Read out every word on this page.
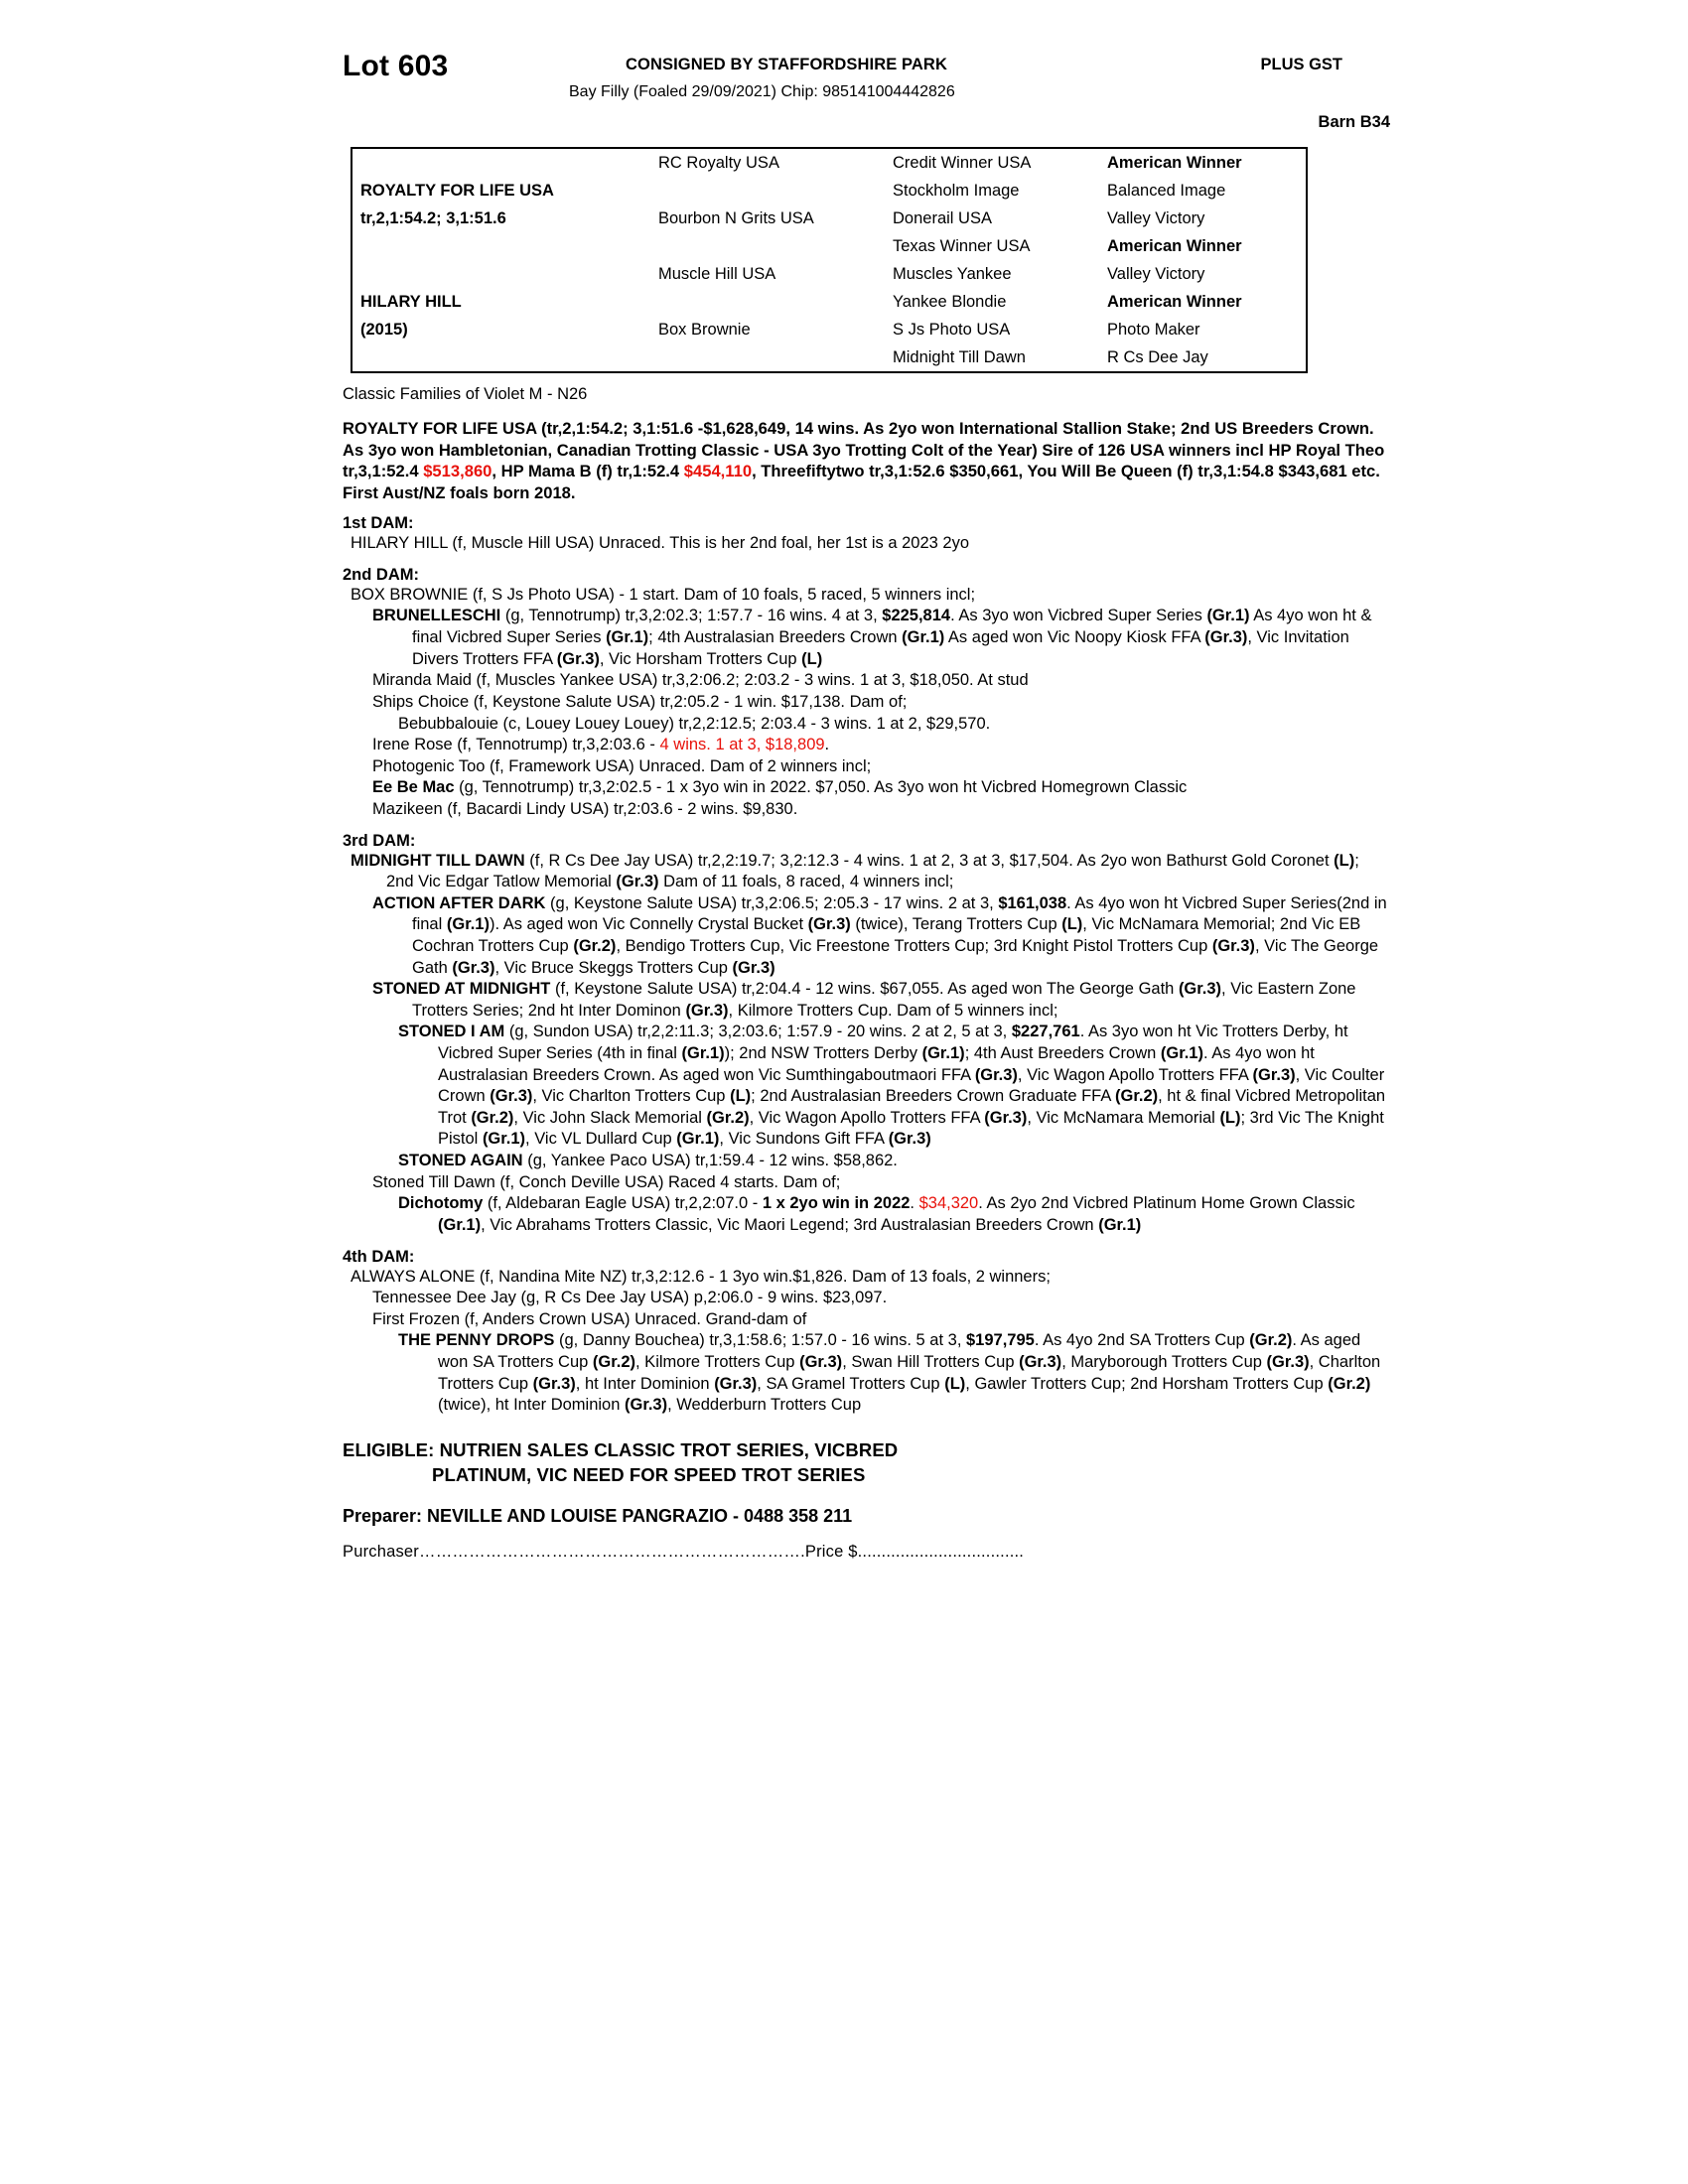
Lot 603	CONSIGNED BY STAFFORDSHIRE PARK	PLUS GST
Bay Filly (Foaled 29/09/2021) Chip: 985141004442826
Barn B34
	RC Royalty USA	Credit Winner USA	American Winner
ROYALTY FOR LIFE USA		Stockholm Image	Balanced Image
tr,2,1:54.2; 3,1:51.6	Bourbon N Grits USA	Donerail USA	Valley Victory
		Texas Winner USA	American Winner
	Muscle Hill USA	Muscles Yankee	Valley Victory
HILARY HILL		Yankee Blondie	American Winner
(2015)	Box Brownie	S Js Photo USA	Photo Maker
		Midnight Till Dawn	R Cs Dee Jay
Classic Families of Violet M - N26
ROYALTY FOR LIFE USA (tr,2,1:54.2; 3,1:51.6 -$1,628,649, 14 wins. As 2yo won International Stallion Stake; 2nd US Breeders Crown. As 3yo won Hambletonian, Canadian Trotting Classic - USA 3yo Trotting Colt of the Year) Sire of 126 USA winners incl HP Royal Theo tr,3,1:52.4 $513,860, HP Mama B (f) tr,1:52.4 $454,110, Threefiftytwo tr,3,1:52.6 $350,661, You Will Be Queen (f) tr,3,1:54.8 $343,681 etc. First Aust/NZ foals born 2018.
1st DAM:

HILARY HILL (f, Muscle Hill USA) Unraced. This is her 2nd foal, her 1st is a 2023 2yo

2nd DAM:

BOX BROWNIE (f, S Js Photo USA) - 1 start. Dam of 10 foals, 5 raced, 5 winners incl;

BRUNELLESCHI (g, Tennotrump) tr,3,2:02.3; 1:57.7 - 16 wins. 4 at 3, $225,814. As 3yo won Vicbred Super Series (Gr.1) As 4yo won ht & final Vicbred Super Series (Gr.1); 4th Australasian Breeders Crown (Gr.1) As aged won Vic Noopy Kiosk FFA (Gr.3), Vic Invitation Divers Trotters FFA (Gr.3), Vic Horsham Trotters Cup (L)

Miranda Maid (f, Muscles Yankee USA) tr,3,2:06.2; 2:03.2 - 3 wins. 1 at 3, $18,050. At stud

Ships Choice (f, Keystone Salute USA) tr,2:05.2 - 1 win. $17,138. Dam of;

Bebubbalouie (c, Louey Louey Louey) tr,2,2:12.5; 2:03.4 - 3 wins. 1 at 2, $29,570.

Irene Rose (f, Tennotrump) tr,3,2:03.6 - 4 wins. 1 at 3, $18,809.

Photogenic Too (f, Framework USA) Unraced. Dam of 2 winners incl;

Ee Be Mac (g, Tennotrump) tr,3,2:02.5 - 1 x 3yo win in 2022. $7,050. As 3yo won ht Vicbred Homegrown Classic

Mazikeen (f, Bacardi Lindy USA) tr,2:03.6 - 2 wins. $9,830.

3rd DAM:

MIDNIGHT TILL DAWN (f, R Cs Dee Jay USA) tr,2,2:19.7; 3,2:12.3 - 4 wins. 1 at 2, 3 at 3, $17,504. As 2yo won Bathurst Gold Coronet (L); 2nd Vic Edgar Tatlow Memorial (Gr.3) Dam of 11 foals, 8 raced, 4 winners incl;

ACTION AFTER DARK (g, Keystone Salute USA) tr,3,2:06.5; 2:05.3 - 17 wins. 2 at 3, $161,038. As 4yo won ht Vicbred Super Series(2nd in final (Gr.1)). As aged won Vic Connelly Crystal Bucket (Gr.3) (twice), Terang Trotters Cup (L), Vic McNamara Memorial; 2nd Vic EB Cochran Trotters Cup (Gr.2), Bendigo Trotters Cup, Vic Freestone Trotters Cup; 3rd Knight Pistol Trotters Cup (Gr.3), Vic The George Gath (Gr.3), Vic Bruce Skeggs Trotters Cup (Gr.3)

STONED AT MIDNIGHT (f, Keystone Salute USA) tr,2:04.4 - 12 wins. $67,055. As aged won The George Gath (Gr.3), Vic Eastern Zone Trotters Series; 2nd ht Inter Dominon (Gr.3), Kilmore Trotters Cup. Dam of 5 winners incl;

STONED I AM (g, Sundon USA) tr,2,2:11.3; 3,2:03.6; 1:57.9 - 20 wins. 2 at 2, 5 at 3, $227,761. As 3yo won ht Vic Trotters Derby, ht Vicbred Super Series (4th in final (Gr.1)); 2nd NSW Trotters Derby (Gr.1); 4th Aust Breeders Crown (Gr.1). As 4yo won ht Australasian Breeders Crown. As aged won Vic Sumthingaboutmaori FFA (Gr.3), Vic Wagon Apollo Trotters FFA (Gr.3), Vic Coulter Crown (Gr.3), Vic Charlton Trotters Cup (L); 2nd Australasian Breeders Crown Graduate FFA (Gr.2), ht & final Vicbred Metropolitan Trot (Gr.2), Vic John Slack Memorial (Gr.2), Vic Wagon Apollo Trotters FFA (Gr.3), Vic McNamara Memorial (L); 3rd Vic The Knight Pistol (Gr.1), Vic VL Dullard Cup (Gr.1), Vic Sundons Gift FFA (Gr.3)

STONED AGAIN (g, Yankee Paco USA) tr,1:59.4 - 12 wins. $58,862.

Stoned Till Dawn (f, Conch Deville USA) Raced 4 starts. Dam of;

Dichotomy (f, Aldebaran Eagle USA) tr,2,2:07.0 - 1 x 2yo win in 2022. $34,320. As 2yo 2nd Vicbred Platinum Home Grown Classic (Gr.1), Vic Abrahams Trotters Classic, Vic Maori Legend; 3rd Australasian Breeders Crown (Gr.1)

4th DAM:

ALWAYS ALONE (f, Nandina Mite NZ) tr,3,2:12.6 - 1 3yo win.$1,826. Dam of 13 foals, 2 winners;

Tennessee Dee Jay (g, R Cs Dee Jay USA) p,2:06.0 - 9 wins. $23,097.

First Frozen (f, Anders Crown USA) Unraced. Grand-dam of

THE PENNY DROPS (g, Danny Bouchea) tr,3,1:58.6; 1:57.0 - 16 wins. 5 at 3, $197,795. As 4yo 2nd SA Trotters Cup (Gr.2). As aged won SA Trotters Cup (Gr.2), Kilmore Trotters Cup (Gr.3), Swan Hill Trotters Cup (Gr.3), Maryborough Trotters Cup (Gr.3), Charlton Trotters Cup (Gr.3), ht Inter Dominion (Gr.3), SA Gramel Trotters Cup (L), Gawler Trotters Cup; 2nd Horsham Trotters Cup (Gr.2) (twice), ht Inter Dominion (Gr.3), Wedderburn Trotters Cup

ELIGIBLE: NUTRIEN SALES CLASSIC TROT SERIES, VICBRED
PLATINUM, VIC NEED FOR SPEED TROT SERIES
Preparer: NEVILLE AND LOUISE PANGRAZIO - 0488 358 211
Purchaser…………………………………………………………….Price $...................................
